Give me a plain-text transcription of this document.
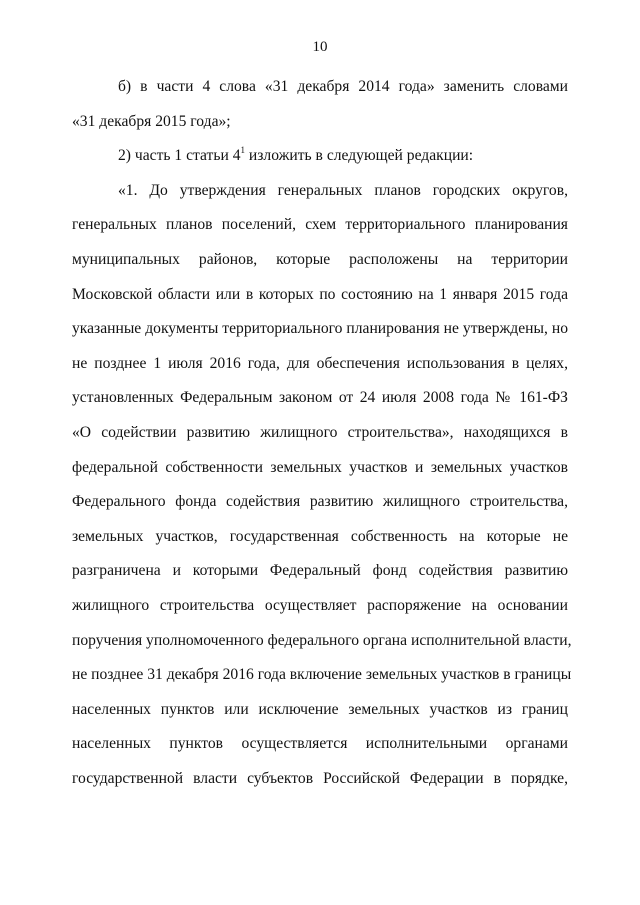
10
б) в части 4 слова «31 декабря 2014 года» заменить словами
«31 декабря 2015 года»;
2) часть 1 статьи $4^1$ изложить в следующей редакции:
«1. До утверждения генеральных планов городских округов,
генеральных планов поселений, схем территориального планирования
муниципальных районов, которые расположены на территории
Московской области или в которых по состоянию на 1 января 2015 года
указанные документы территориального планирования не утверждены, но
не позднее 1 июля 2016 года, для обеспечения использования в целях,
установленных Федеральным законом от 24 июля 2008 года № 161-ФЗ
«О содействии развитию жилищного строительства», находящихся в
федеральной собственности земельных участков и земельных участков
Федерального фонда содействия развитию жилищного строительства,
земельных участков, государственная собственность на которые не
разграничена и которыми Федеральный фонд содействия развитию
жилищного строительства осуществляет распоряжение на основании
поручения уполномоченного федерального органа исполнительной власти,
не позднее 31 декабря 2016 года включение земельных участков в границы
населенных пунктов или исключение земельных участков из границ
населенных пунктов осуществляется исполнительными органами
государственной власти субъектов Российской Федерации в порядке,
